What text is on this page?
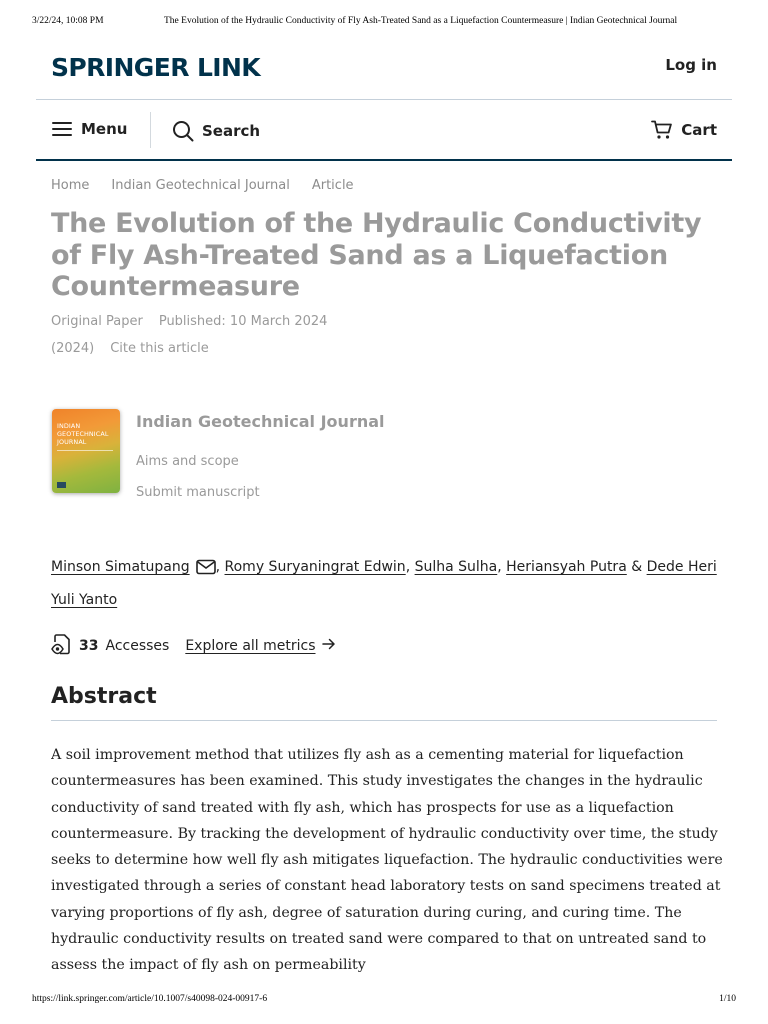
3/22/24, 10:08 PM	The Evolution of the Hydraulic Conductivity of Fly Ash-Treated Sand as a Liquefaction Countermeasure | Indian Geotechnical Journal
SPRINGER LINK	Log in
Menu	Search	Cart
Home Indian Geotechnical Journal Article
The Evolution of the Hydraulic Conductivity of Fly Ash-Treated Sand as a Liquefaction Countermeasure
Original Paper Published: 10 March 2024
(2024) Cite this article
INDIAN
GEOTECHNICAL
JOURNAL
Indian Geotechnical Journal
Aims and scope
Submit manuscript
Minson Simatupang , Romy Suryaningrat Edwin, Sulha Sulha, Heriansyah Putra & Dede Heri Yuli Yanto
33 Accesses Explore all metrics
Abstract

A soil improvement method that utilizes fly ash as a cementing material for liquefaction countermeasures has been examined. This study investigates the changes in the hydraulic conductivity of sand treated with fly ash, which has prospects for use as a liquefaction countermeasure. By tracking the development of hydraulic conductivity over time, the study seeks to determine how well fly ash mitigates liquefaction. The hydraulic conductivities were investigated through a series of constant head laboratory tests on sand specimens treated at varying proportions of fly ash, degree of saturation during curing, and curing time. The hydraulic conductivity results on treated sand were compared to that on untreated sand to assess the impact of fly ash on permeability

https://link.springer.com/article/10.1007/s40098-024-00917-6	1/10
